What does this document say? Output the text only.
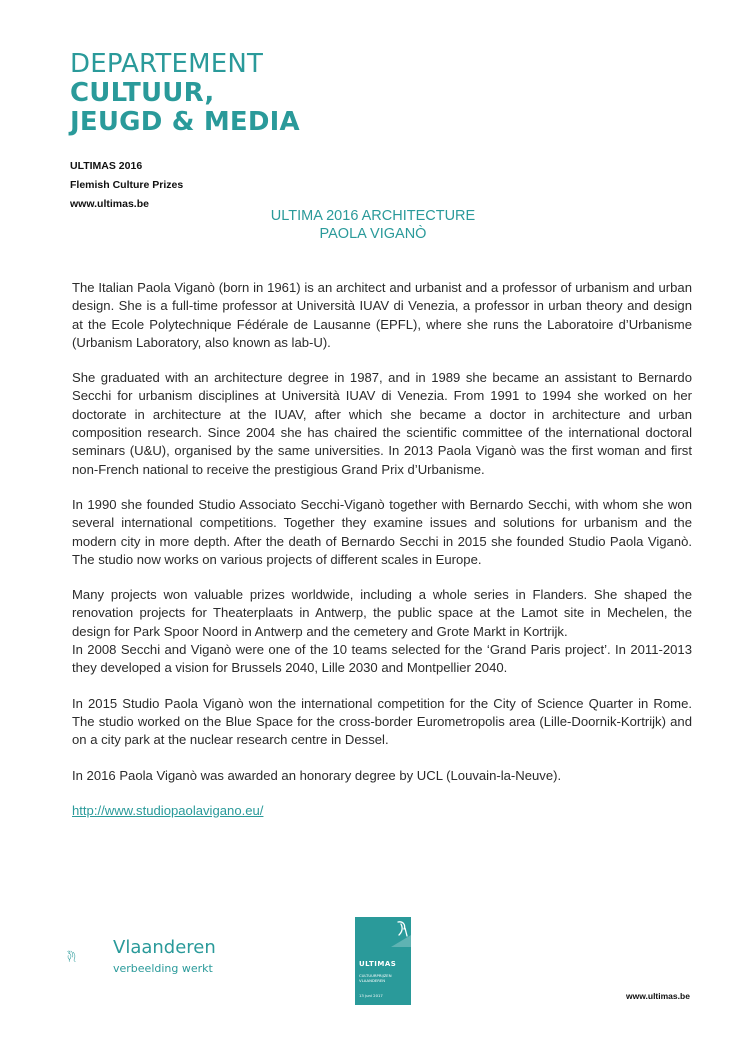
DEPARTEMENT
CULTUUR,
JEUGD & MEDIA
ULTIMAS 2016
Flemish Culture Prizes
www.ultimas.be
ULTIMA 2016 ARCHITECTURE
PAOLA VIGANÒ

The Italian Paola Viganò (born in 1961) is an architect and urbanist and a professor of urbanism and urban design. She is a full-time professor at Università IUAV di Venezia, a professor in urban theory and design at the Ecole Polytechnique Fédérale de Lausanne (EPFL), where she runs the Laboratoire d’Urbanisme (Urbanism Laboratory, also known as lab-U).

She graduated with an architecture degree in 1987, and in 1989 she became an assistant to Bernardo Secchi for urbanism disciplines at Università IUAV di Venezia. From 1991 to 1994 she worked on her doctorate in architecture at the IUAV, after which she became a doctor in architecture and urban composition research. Since 2004 she has chaired the scientific committee of the international doctoral seminars (U&U), organised by the same universities. In 2013 Paola Viganò was the first woman and first non-French national to receive the prestigious Grand Prix d’Urbanisme.

In 1990 she founded Studio Associato Secchi-Viganò together with Bernardo Secchi, with whom she won several international competitions. Together they examine issues and solutions for urbanism and the modern city in more depth. After the death of Bernardo Secchi in 2015 she founded Studio Paola Viganò. The studio now works on various projects of different scales in Europe.

Many projects won valuable prizes worldwide, including a whole series in Flanders. She shaped the renovation projects for Theaterplaats in Antwerp, the public space at the Lamot site in Mechelen, the design for Park Spoor Noord in Antwerp and the cemetery and Grote Markt in Kortrijk.

In 2008 Secchi and Viganò were one of the 10 teams selected for the ‘Grand Paris project’. In 2011-2013 they developed a vision for Brussels 2040, Lille 2030 and Montpellier 2040.

In 2015 Studio Paola Viganò won the international competition for the City of Science Quarter in Rome. The studio worked on the Blue Space for the cross-border Eurometropolis area (Lille-Doornik-Kortrijk) and on a city park at the nuclear research centre in Dessel.

In 2016 Paola Viganò was awarded an honorary degree by UCL (Louvain-la-Neuve).

http://www.studiopaolavigano.eu/

Vlaanderen
verbeelding werkt	ULTIMAS
CULTUURPRIJZEN VLAANDEREN
13 juni 2017	www.ultimas.be
